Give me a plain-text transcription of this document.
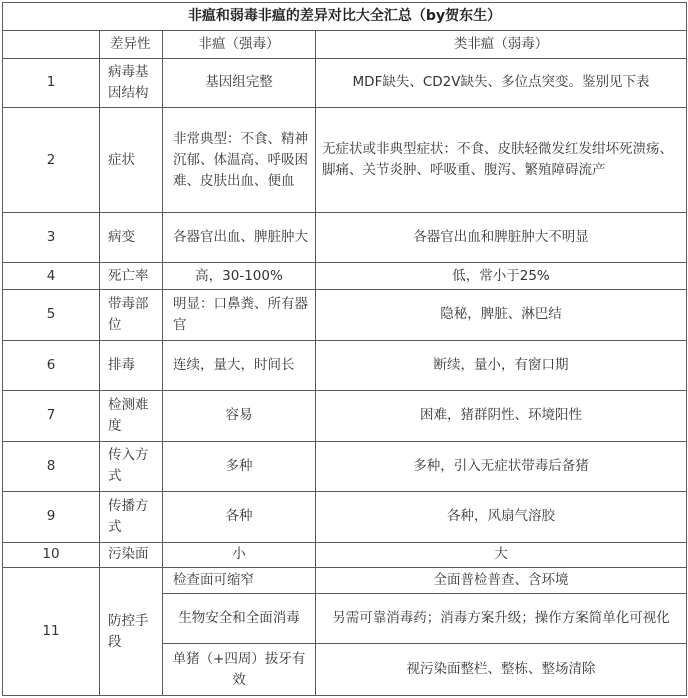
非瘟和弱毒非瘟的差异对比大全汇总（by贺东生）			
	差异性	非瘟（强毒）	类非瘟（弱毒）
1	病毒基因结构	基因组完整	MDF缺失、CD2V缺失、多位点突变。鉴别见下表
2	症状	非常典型：不食、精神沉郁、体温高、呼吸困难、皮肤出血、便血	无症状或非典型症状：不食、皮肤轻微发红发绀坏死溃疡、脚痛、关节炎肿、呼吸重、腹泻、繁殖障碍流产
3	病变	各器官出血、脾脏肿大	各器官出血和脾脏肿大不明显
4	死亡率	高，30-100%	低，常小于25%
5	带毒部位	明显：口鼻粪、所有器官	隐秘，脾脏、淋巴结
6	排毒	连续，量大，时间长	断续，量小，有窗口期
7	检测难度	容易	困难，猪群阴性、环境阳性
8	传入方式	多种	多种，引入无症状带毒后备猪
9	传播方式	各种	各种，风扇气溶胶
10	污染面	小	大
11	防控手段	检查面可缩窄	全面普检普查、含环境
		生物安全和全面消毒	另需可靠消毒药；消毒方案升级；操作方案简单化可视化
		单猪（+四周）拔牙有效	视污染面整栏、整栋、整场清除
